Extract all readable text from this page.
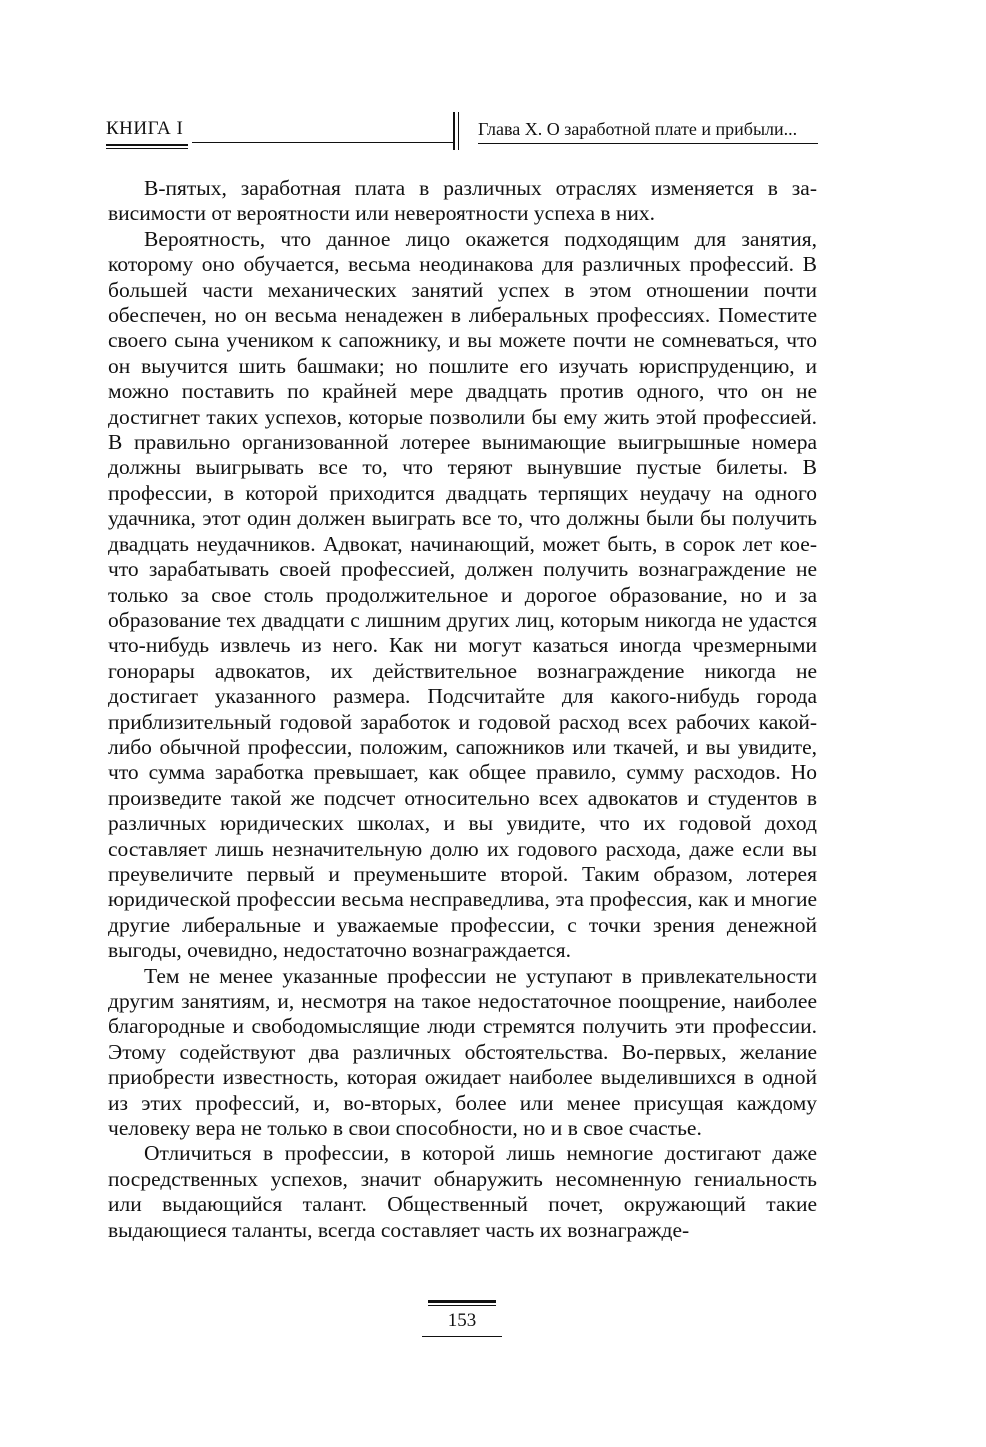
КНИГА I	Глава X. О заработной плате и прибыли...

В-пятых, заработная плата в различных отраслях изменяется в зависимости от вероятности или невероятности успеха в них.

Вероятность, что данное лицо окажется подходящим для занятия, которому оно обучается, весьма неодинакова для различных профессий. В большей части механических занятий успех в этом отношении почти обеспечен, но он весьма ненадежен в либеральных профессиях. Поместите своего сына учеником к сапожнику, и вы можете почти не сомневаться, что он выучится шить башмаки; но пошлите его изучать юриспруденцию, и можно поставить по крайней мере двадцать против одного, что он не достигнет таких успехов, которые позволили бы ему жить этой профессией. В правильно организованной лотерее вынимающие выигрышные номера должны выигрывать все то, что теряют вынувшие пустые билеты. В профессии, в которой приходится двадцать терпящих неудачу на одного удачника, этот один должен выиграть все то, что должны были бы получить двадцать неудачников. Адвокат, начинающий, может быть, в сорок лет кое-что зарабатывать своей профессией, должен получить вознаграждение не только за свое столь продолжительное и дорогое образование, но и за образование тех двадцати с лишним других лиц, которым никогда не удастся что-нибудь извлечь из него. Как ни могут казаться иногда чрезмерными гонорары адвокатов, их действительное вознаграждение никогда не достигает указанного размера. Подсчитайте для какого-нибудь города приблизительный годовой заработок и годовой расход всех рабочих какой-либо обычной профессии, положим, сапожников или ткачей, и вы увидите, что сумма заработка превышает, как общее правило, сумму расходов. Но произведите такой же подсчет относительно всех адвокатов и студентов в различных юридических школах, и вы увидите, что их годовой доход составляет лишь незначительную долю их годового расхода, даже если вы преувеличите первый и преуменьшите второй. Таким образом, лотерея юридической профессии весьма несправедлива, эта профессия, как и многие другие либеральные и уважаемые профессии, с точки зрения денежной выгоды, очевидно, недостаточно вознаграждается.

Тем не менее указанные профессии не уступают в привлекательности другим занятиям, и, несмотря на такое недостаточное поощрение, наиболее благородные и свободомыслящие люди стремятся получить эти профессии. Этому содействуют два различных обстоятельства. Во-первых, желание приобрести известность, которая ожидает наиболее выделившихся в одной из этих профессий, и, во-вторых, более или менее присущая каждому человеку вера не только в свои способности, но и в свое счастье.

Отличиться в профессии, в которой лишь немногие достигают даже посредственных успехов, значит обнаружить несомненную гениальность или выдающийся талант. Общественный почет, окружающий такие выдающиеся таланты, всегда составляет часть их вознагражде-

153
